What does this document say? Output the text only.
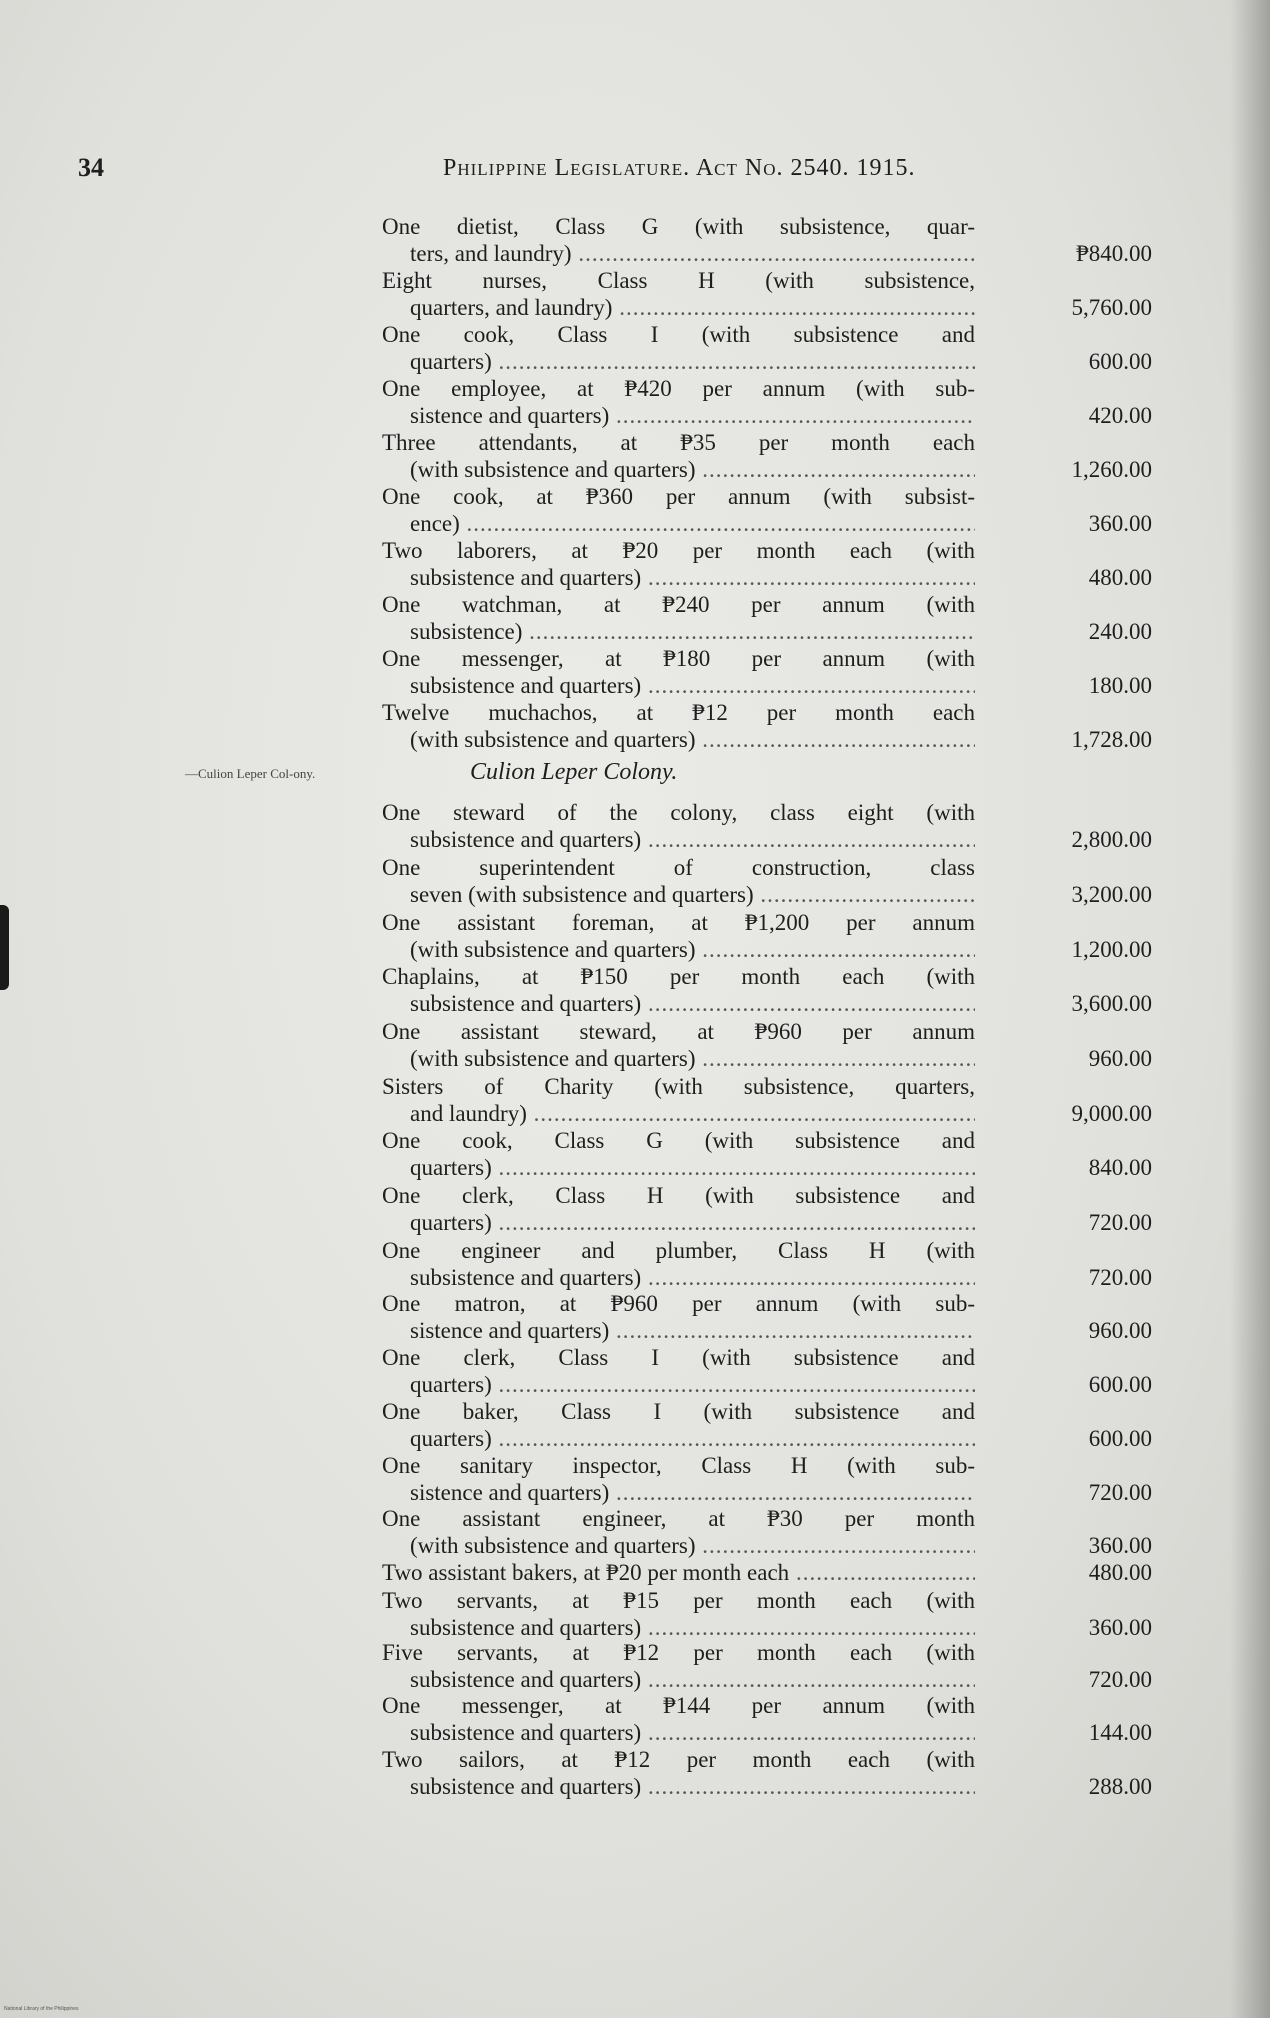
34	Philippine Legislature. Act No. 2540. 1915.
—Culion Leper Col-ony.	Culion Leper Colony.
One dietist, Class G (with subsistence, quar-
ters, and laundry) .....	₱840.00
Eight nurses, Class H (with subsistence,
quarters, and laundry) .....	5,760.00
One cook, Class I (with subsistence and
quarters) .....	600.00
One employee, at ₱420 per annum (with sub-
sistence and quarters) .....	420.00
Three attendants, at ₱35 per month each
(with subsistence and quarters) .....	1,260.00
One cook, at ₱360 per annum (with subsist-
ence) .....	360.00
Two laborers, at ₱20 per month each (with
subsistence and quarters) .....	480.00
One watchman, at ₱240 per annum (with
subsistence) .....	240.00
One messenger, at ₱180 per annum (with
subsistence and quarters) .....	180.00
Twelve muchachos, at ₱12 per month each
(with subsistence and quarters) .....	1,728.00
One steward of the colony, class eight (with
subsistence and quarters) .....	2,800.00
One superintendent of construction, class
seven (with subsistence and quarters) .....	3,200.00
One assistant foreman, at ₱1,200 per annum
(with subsistence and quarters) .....	1,200.00
Chaplains, at ₱150 per month each (with
subsistence and quarters) .....	3,600.00
One assistant steward, at ₱960 per annum
(with subsistence and quarters) .....	960.00
Sisters of Charity (with subsistence, quarters,
and laundry) .....	9,000.00
One cook, Class G (with subsistence and
quarters) .....	840.00
One clerk, Class H (with subsistence and
quarters) .....	720.00
One engineer and plumber, Class H (with
subsistence and quarters) .....	720.00
One matron, at ₱960 per annum (with sub-
sistence and quarters) .....	960.00
One clerk, Class I (with subsistence and
quarters) .....	600.00
One baker, Class I (with subsistence and
quarters) .....	600.00
One sanitary inspector, Class H (with sub-
sistence and quarters) .....	720.00
One assistant engineer, at ₱30 per month
(with subsistence and quarters) .....	360.00
Two assistant bakers, at ₱20 per month each .....	480.00
Two servants, at ₱15 per month each (with
subsistence and quarters) .....	360.00
Five servants, at ₱12 per month each (with
subsistence and quarters) .....	720.00
One messenger, at ₱144 per annum (with
subsistence and quarters) .....	144.00
Two sailors, at ₱12 per month each (with
subsistence and quarters) .....	288.00
National Library of the Philippines
